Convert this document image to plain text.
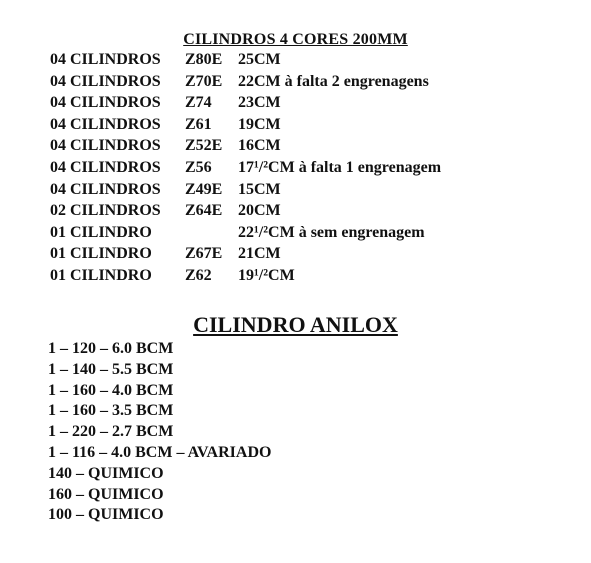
CILINDROS 4 CORES 200MM
04 CILINDROS Z80E 25CM
04 CILINDROS Z70E 22CM à falta 2 engrenagens
04 CILINDROS Z74 23CM
04 CILINDROS Z61 19CM
04 CILINDROS Z52E 16CM
04 CILINDROS Z56 17¹/²CM à falta 1 engrenagem
04 CILINDROS Z49E 15CM
02 CILINDROS Z64E 20CM
01 CILINDRO	22¹/²CM à sem engrenagem
01 CILINDRO Z67E 21CM
01 CILINDRO Z62 19¹/²CM
CILINDRO ANILOX
1 – 120 – 6.0 BCM
1 – 140 – 5.5 BCM
1 – 160 – 4.0 BCM
1 – 160 – 3.5 BCM
1 – 220 – 2.7 BCM
1 – 116 – 4.0 BCM – AVARIADO
140 – QUIMICO
160 – QUIMICO
100 – QUIMICO
